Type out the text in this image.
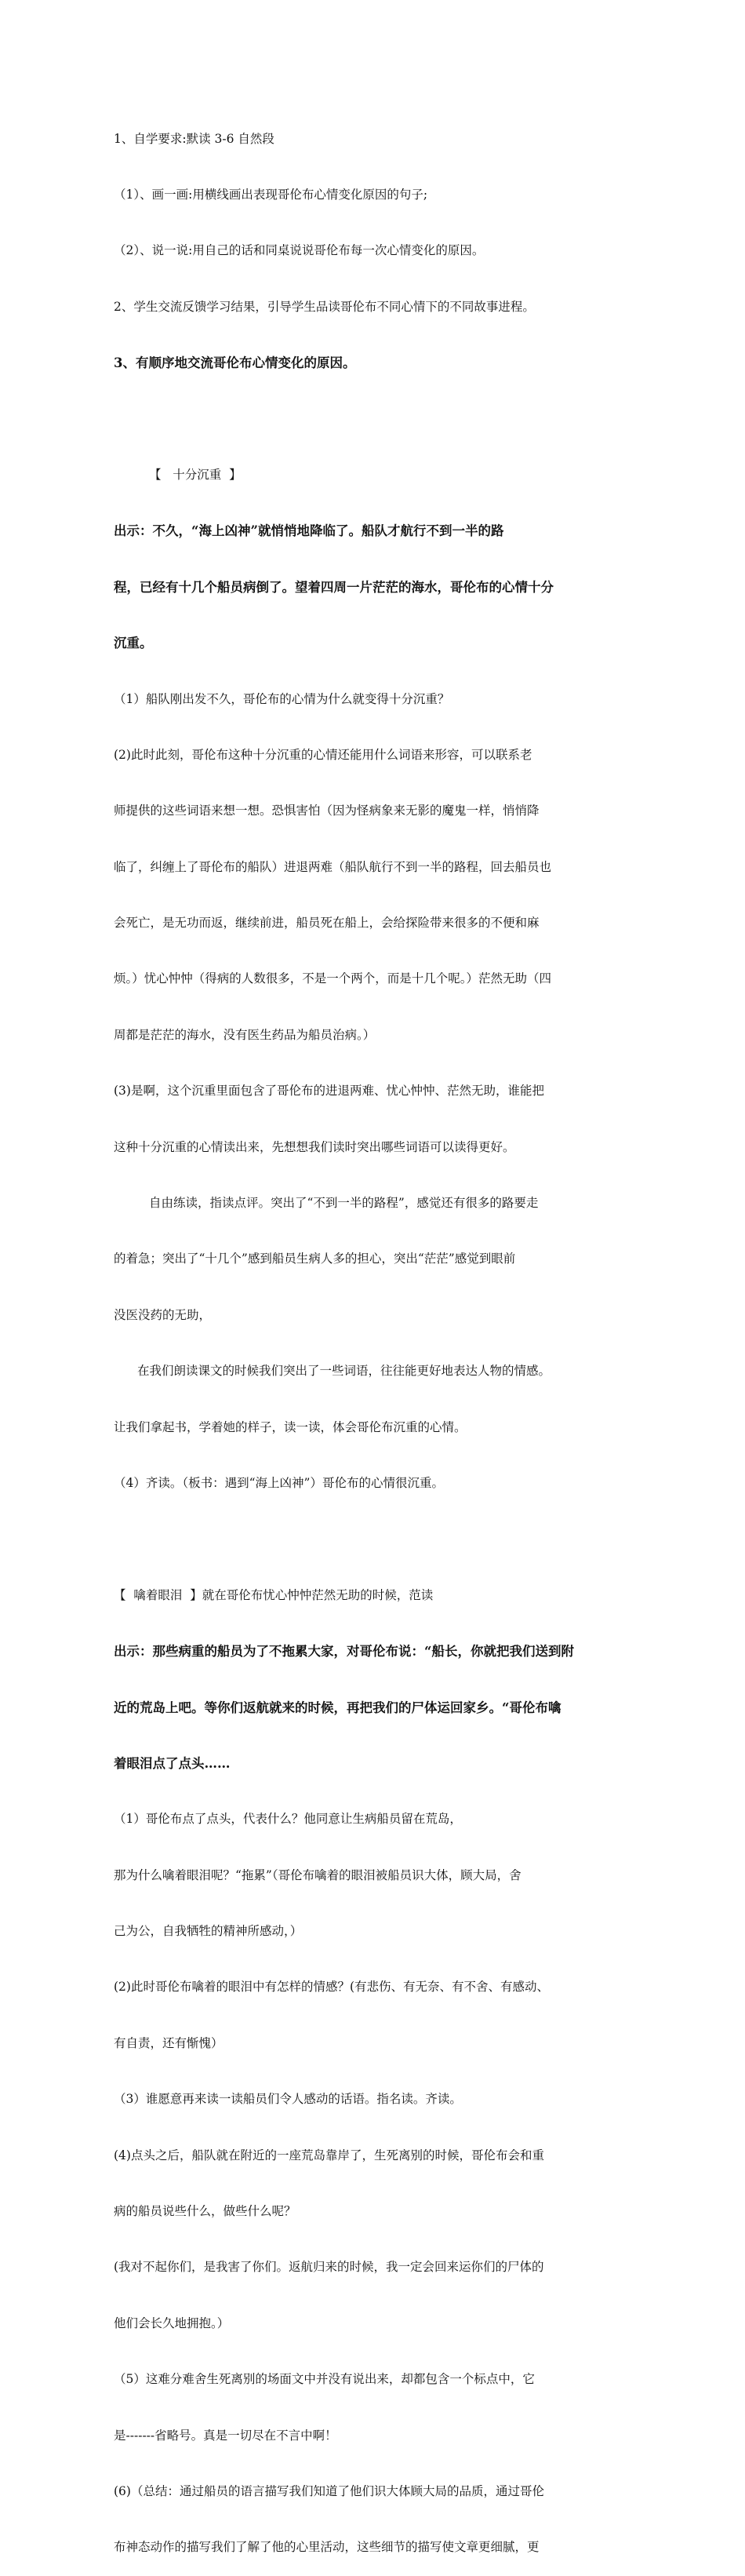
1、自学要求:默读 3-6 自然段

（1）、画一画:用横线画出表现哥伦布心情变化原因的句子;

（2）、说一说:用自己的话和同桌说说哥伦布每一次心情变化的原因。

2、学生交流反馈学习结果，引导学生品读哥伦布不同心情下的不同故事进程。

3、有顺序地交流哥伦布心情变化的原因。

【   十分沉重  】

出示：不久，“海上凶神”就悄悄地降临了。船队才航行不到一半的路

程，已经有十几个船员病倒了。望着四周一片茫茫的海水，哥伦布的心情十分

沉重。

（1）船队刚出发不久，哥伦布的心情为什么就变得十分沉重？

(2)此时此刻，哥伦布这种十分沉重的心情还能用什么词语来形容，可以联系老

师提供的这些词语来想一想。恐惧害怕（因为怪病象来无影的魔鬼一样，悄悄降

临了，纠缠上了哥伦布的船队）进退两难（船队航行不到一半的路程，回去船员也

会死亡，是无功而返，继续前进，船员死在船上，会给探险带来很多的不便和麻

烦。）忧心忡忡（得病的人数很多，不是一个两个，而是十几个呢。）茫然无助（四

周都是茫茫的海水，没有医生药品为船员治病。）

(3)是啊，这个沉重里面包含了哥伦布的进退两难、忧心忡忡、茫然无助，谁能把

这种十分沉重的心情读出来，先想想我们读时突出哪些词语可以读得更好。

自由练读，指读点评。突出了“不到一半的路程”，感觉还有很多的路要走

的着急；突出了“十几个”感到船员生病人多的担心，突出“茫茫”感觉到眼前

没医没药的无助，

在我们朗读课文的时候我们突出了一些词语，往往能更好地表达人物的情感。

让我们拿起书，学着她的样子，读一读，体会哥伦布沉重的心情。

（4）齐读。（板书：遇到“海上凶神”）哥伦布的心情很沉重。

【  噙着眼泪  】就在哥伦布忧心忡忡茫然无助的时候，范读

出示：那些病重的船员为了不拖累大家，对哥伦布说：“船长，你就把我们送到附

近的荒岛上吧。等你们返航就来的时候，再把我们的尸体运回家乡。“哥伦布噙

着眼泪点了点头……

（1）哥伦布点了点头，代表什么？他同意让生病船员留在荒岛，

那为什么噙着眼泪呢？“拖累”（哥伦布噙着的眼泪被船员识大体，顾大局，舍

己为公，自我牺牲的精神所感动，）

(2)此时哥伦布噙着的眼泪中有怎样的情感？(有悲伤、有无奈、有不舍、有感动、

有自责，还有惭愧）

（3）谁愿意再来读一读船员们令人感动的话语。指名读。齐读。

(4)点头之后，船队就在附近的一座荒岛靠岸了，生死离别的时候，哥伦布会和重

病的船员说些什么，做些什么呢？

(我对不起你们，是我害了你们。返航归来的时候，我一定会回来运你们的尸体的

他们会长久地拥抱。）

（5）这难分难舍生死离别的场面文中并没有说出来，却都包含一个标点中，它

是-------省略号。真是一切尽在不言中啊！

(6)（总结：通过船员的语言描写我们知道了他们识大体顾大局的品质，通过哥伦

布神态动作的描写我们了解了他的心里活动，这些细节的描写使文章更细腻，更
